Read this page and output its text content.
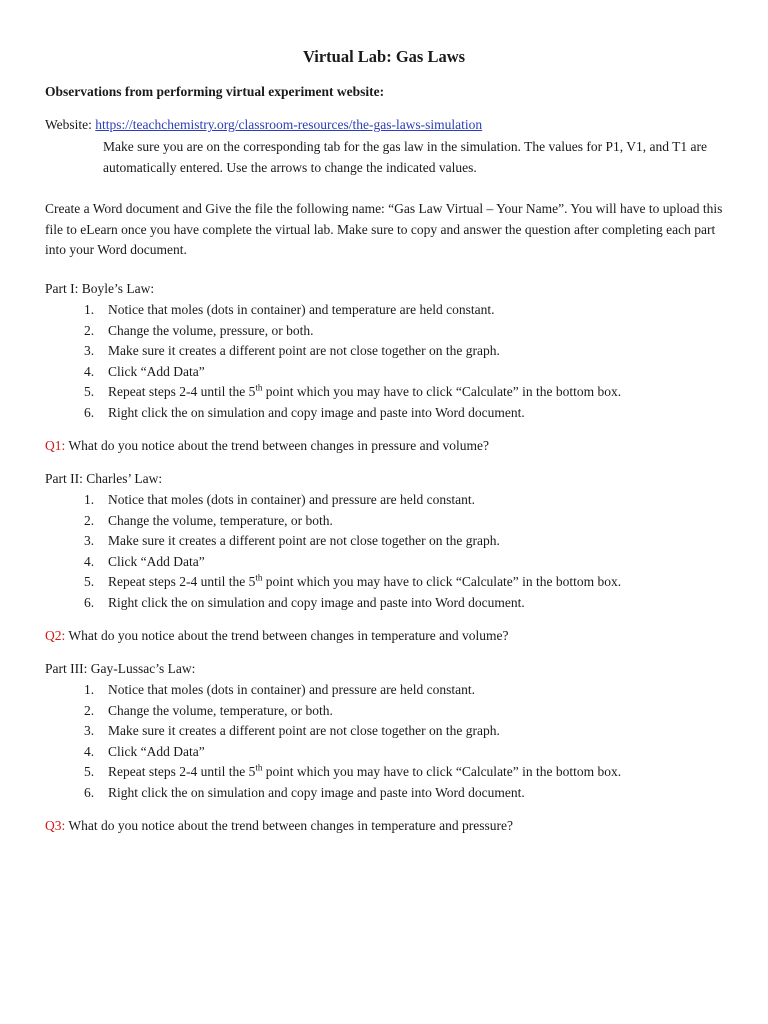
Virtual Lab: Gas Laws
Observations from performing virtual experiment website:
Website: https://teachchemistry.org/classroom-resources/the-gas-laws-simulation
Make sure you are on the corresponding tab for the gas law in the simulation. The values for P1, V1, and T1 are automatically entered. Use the arrows to change the indicated values.
Create a Word document and Give the file the following name: “Gas Law Virtual – Your Name”. You will have to upload this file to eLearn once you have complete the virtual lab. Make sure to copy and answer the question after completing each part into your Word document.
Part I: Boyle’s Law:
1. Notice that moles (dots in container) and temperature are held constant.
2. Change the volume, pressure, or both.
3. Make sure it creates a different point are not close together on the graph.
4. Click “Add Data”
5. Repeat steps 2-4 until the 5th point which you may have to click “Calculate” in the bottom box.
6. Right click the on simulation and copy image and paste into Word document.
Q1: What do you notice about the trend between changes in pressure and volume?
Part II: Charles’ Law:
1. Notice that moles (dots in container) and pressure are held constant.
2. Change the volume, temperature, or both.
3. Make sure it creates a different point are not close together on the graph.
4. Click “Add Data”
5. Repeat steps 2-4 until the 5th point which you may have to click “Calculate” in the bottom box.
6. Right click the on simulation and copy image and paste into Word document.
Q2: What do you notice about the trend between changes in temperature and volume?
Part III: Gay-Lussac’s Law:
1. Notice that moles (dots in container) and pressure are held constant.
2. Change the volume, temperature, or both.
3. Make sure it creates a different point are not close together on the graph.
4. Click “Add Data”
5. Repeat steps 2-4 until the 5th point which you may have to click “Calculate” in the bottom box.
6. Right click the on simulation and copy image and paste into Word document.
Q3: What do you notice about the trend between changes in temperature and pressure?
